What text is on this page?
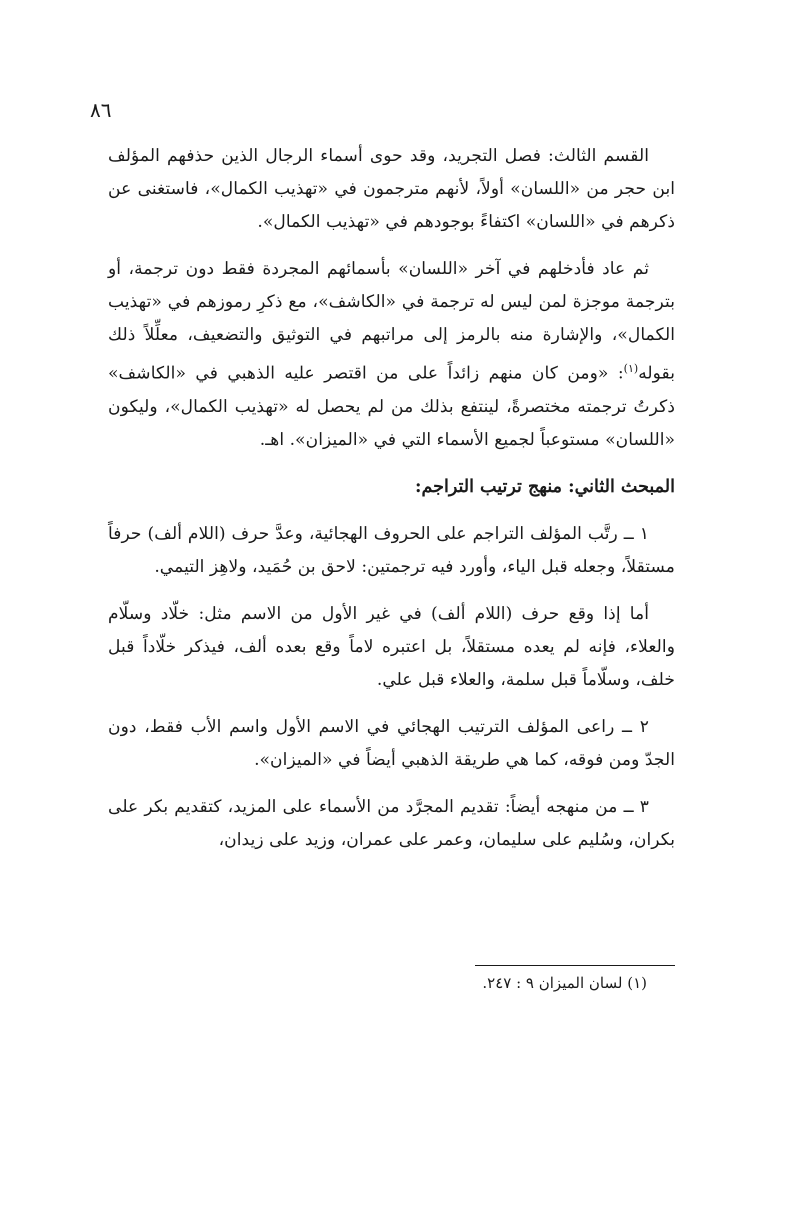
٨٦

القسم الثالث: فصل التجريد، وقد حوى أسماء الرجال الذين حذفهم المؤلف ابن حجر من «اللسان» أولاً، لأنهم مترجمون في «تهذيب الكمال»، فاستغنى عن ذكرهم في «اللسان» اكتفاءً بوجودهم في «تهذيب الكمال».

ثم عاد فأدخلهم في آخر «اللسان» بأسمائهم المجردة فقط دون ترجمة، أو بترجمة موجزة لمن ليس له ترجمة في «الكاشف»، مع ذكرِ رموزهم في «تهذيب الكمال»، والإشارة منه بالرمز إلى مراتبهم في التوثيق والتضعيف، معلِّلاً ذلك بقوله$^{(١)}$: «ومن كان منهم زائداً على من اقتصر عليه الذهبي في «الكاشف» ذكرتُ ترجمته مختصرةً، لينتفع بذلك من لم يحصل له «تهذيب الكمال»، وليكون «اللسان» مستوعباً لجميع الأسماء التي في «الميزان». اهـ.

المبحث الثاني: منهج ترتيب التراجم:

١ ــ رتَّب المؤلف التراجم على الحروف الهجائية، وعدَّ حرف (اللام ألف) حرفاً مستقلاً، وجعله قبل الياء، وأورد فيه ترجمتين: لاحق بن حُمَيد، ولاهِز التيمي.

أما إذا وقع حرف (اللام ألف) في غير الأول من الاسم مثل: خلّاد وسلّام والعلاء، فإنه لم يعده مستقلاً، بل اعتبره لاماً وقع بعده ألف، فيذكر خلّاداً قبل خلف، وسلّاماً قبل سلمة، والعلاء قبل علي.

٢ ــ راعى المؤلف الترتيب الهجائي في الاسم الأول واسم الأب فقط، دون الجدّ ومن فوقه، كما هي طريقة الذهبي أيضاً في «الميزان».

٣ ــ من منهجه أيضاً: تقديم المجرَّد من الأسماء على المزيد، كتقديم بكر على بكران، وسُليم على سليمان، وعمر على عمران، وزيد على زيدان،

(١) لسان الميزان ٩ : ٢٤٧.
